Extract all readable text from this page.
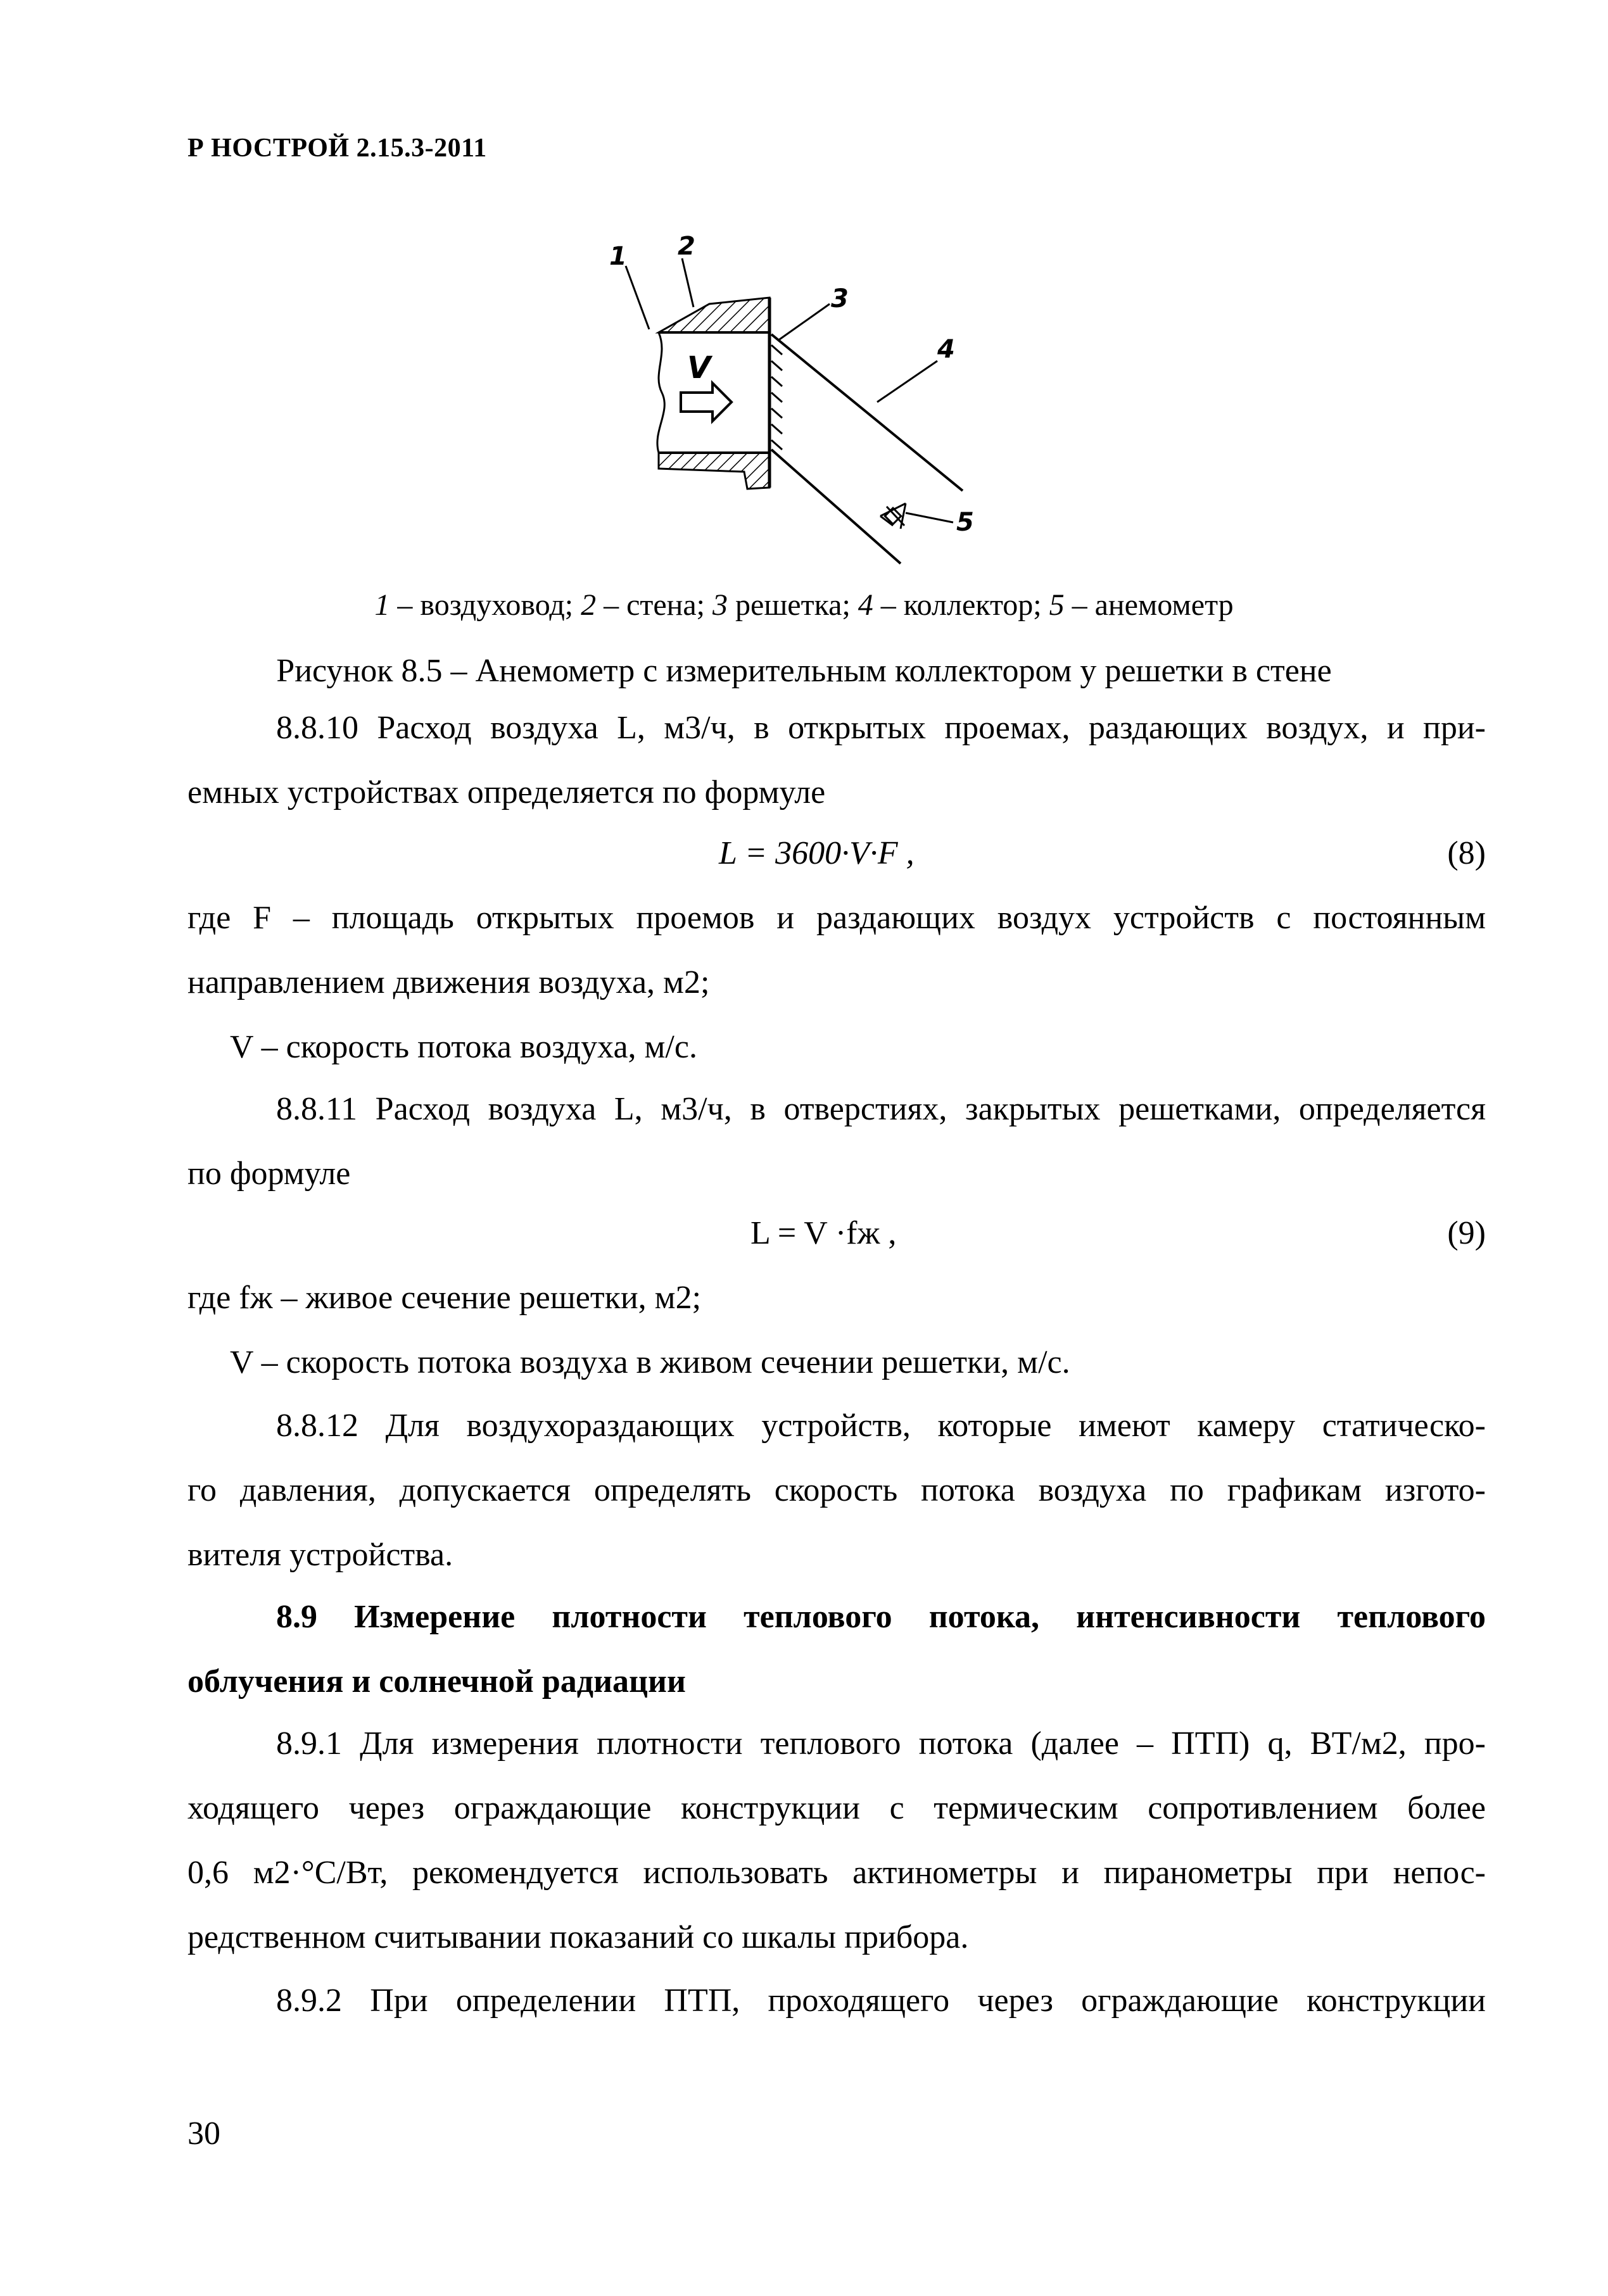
Р НОСТРОЙ 2.15.3-2011
1 2
3
4
5
V
1 – воздуховод; 2 – стена; 3 решетка; 4 – коллектор; 5 – анемометр
Рисунок 8.5 – Анемометр с измерительным коллектором у решетки в стене
8.8.10 Расход воздуха L, м3/ч, в открытых проемах, раздающих воздух, и при-
емных устройствах определяется по формуле
L = 3600·V·F ,	(8)
где F – площадь открытых проемов и раздающих воздух устройств с постоянным
направлением движения воздуха, м2;
V – скорость потока воздуха, м/с.
8.8.11 Расход воздуха L, м3/ч, в отверстиях, закрытых решетками, определяется
по формуле
L = V ·fж ,	(9)
где fж – живое сечение решетки, м2;
V – скорость потока воздуха в живом сечении решетки, м/с.
8.8.12 Для воздухораздающих устройств, которые имеют камеру статическо-
го давления, допускается определять скорость потока воздуха по графикам изгото-
вителя устройства.
8.9 Измерение плотности теплового потока, интенсивности теплового
облучения и солнечной радиации
8.9.1 Для измерения плотности теплового потока (далее – ПТП) q, ВТ/м2, про-
ходящего через ограждающие конструкции с термическим сопротивлением более
0,6 м2·°С/Вт, рекомендуется использовать актинометры и пиранометры при непос-
редственном считывании показаний со шкалы прибора.
8.9.2 При определении ПТП, проходящего через ограждающие конструкции
30
